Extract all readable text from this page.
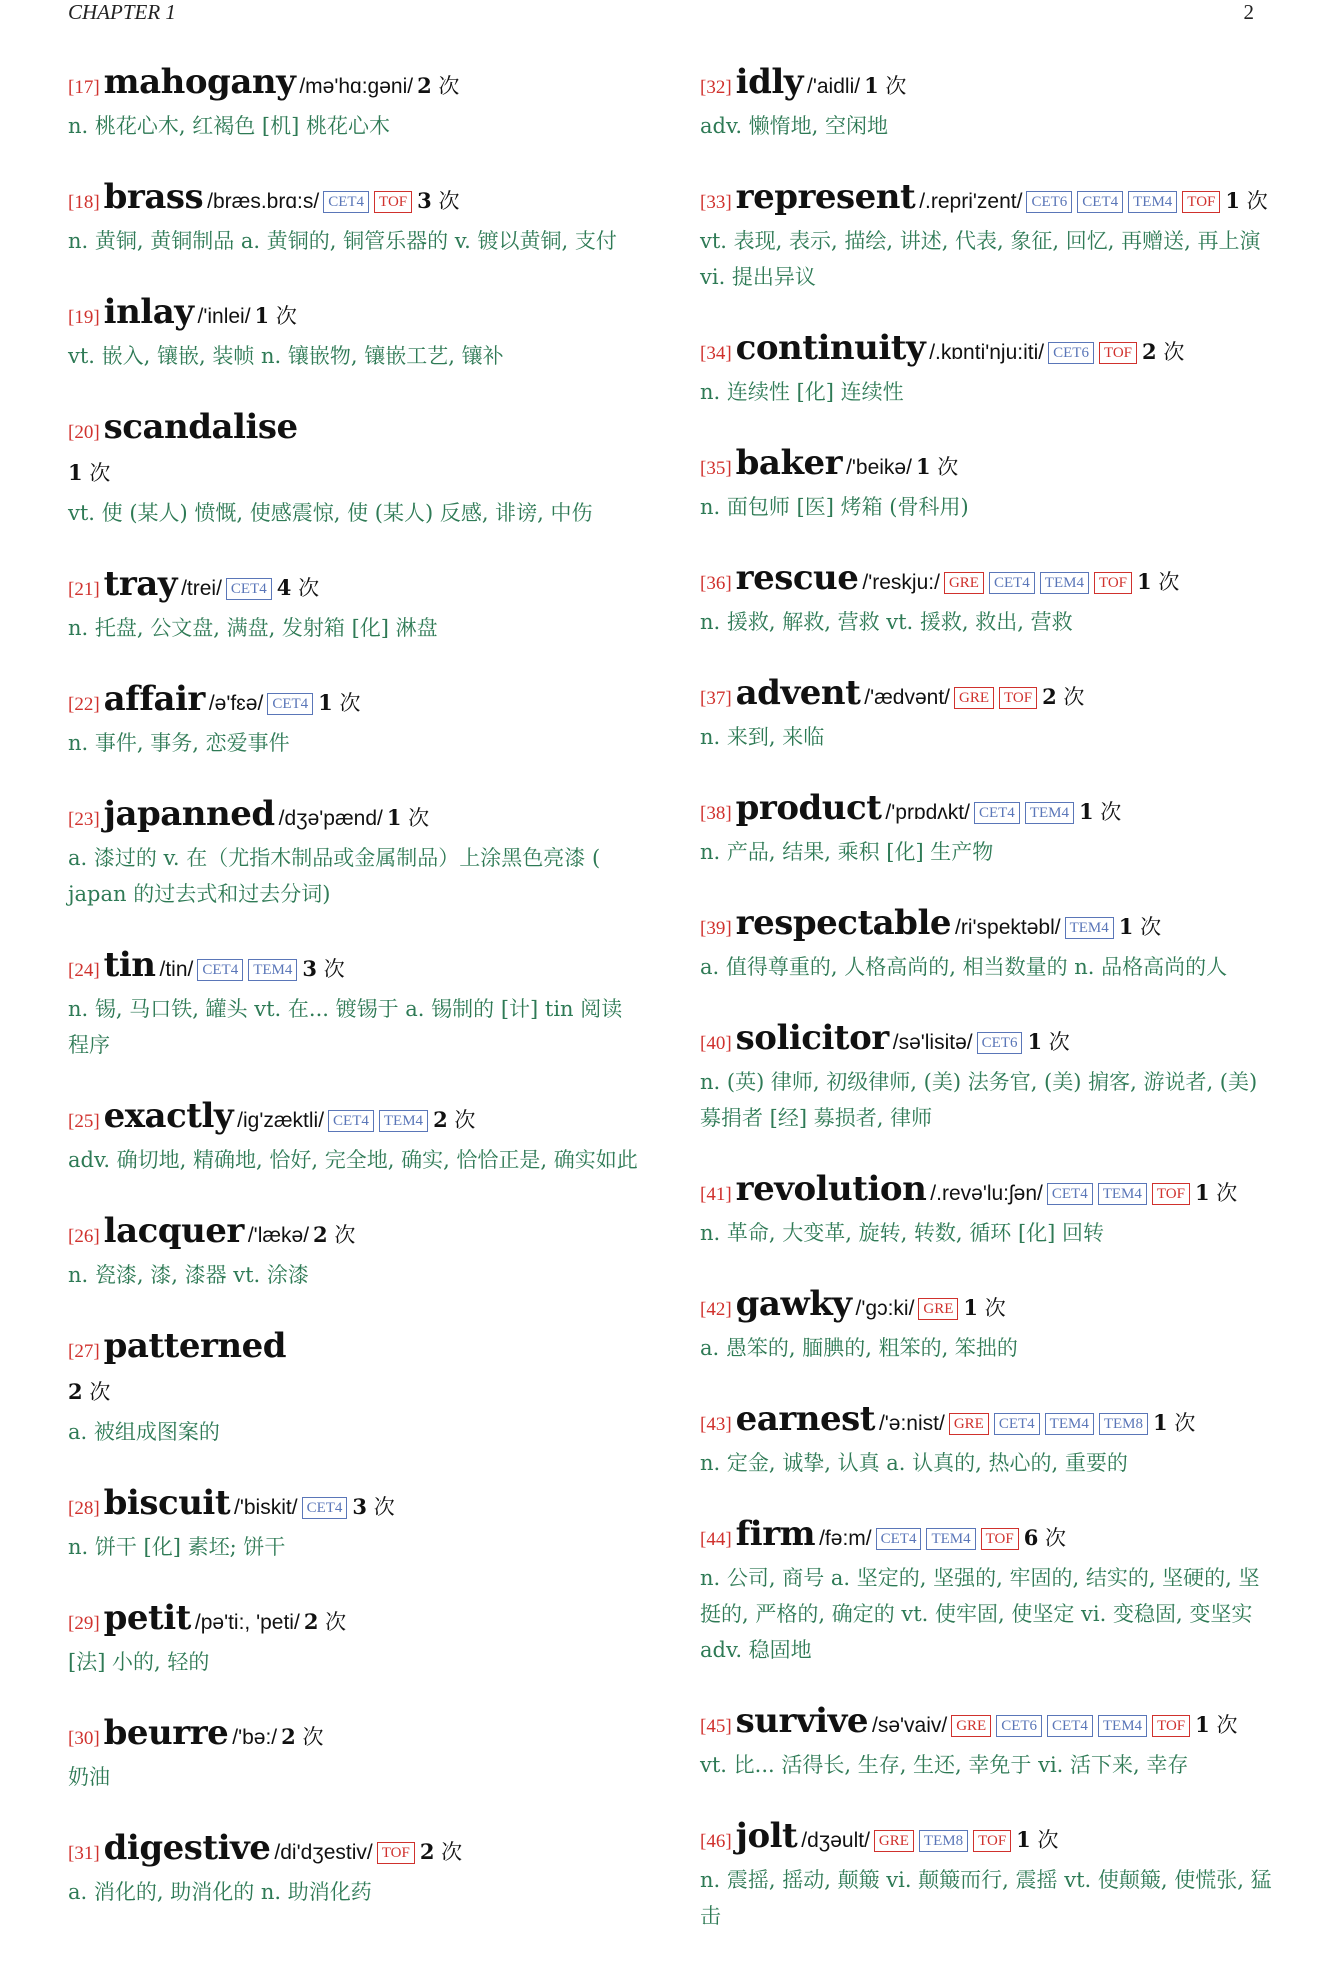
CHAPTER 1	2
[17] mahogany /mə'hɑ:gəni/ 2 次
n. 桃花心木, 红褐色 [机] 桃花心木
[18] brass /bræs.brɑ:s/ CET4 TOF 3 次
n. 黄铜, 黄铜制品 a. 黄铜的, 铜管乐器的 v. 镀以黄铜, 支付
[19] inlay /'inlei/ 1 次
vt. 嵌入, 镶嵌, 装帧 n. 镶嵌物, 镶嵌工艺, 镶补
[20] scandalise
1 次
vt. 使 (某人) 愤慨, 使感震惊, 使 (某人) 反感, 诽谤, 中伤
[21] tray /trei/ CET4 4 次
n. 托盘, 公文盘, 满盘, 发射箱 [化] 淋盘
[22] affair /ə'fɛə/ CET4 1 次
n. 事件, 事务, 恋爱事件
[23] japanned /dʒə'pænd/ 1 次
a. 漆过的 v. 在（尤指木制品或金属制品）上涂黑色亮漆 ( japan 的过去式和过去分词)
[24] tin /tin/ CET4 TEM4 3 次
n. 锡, 马口铁, 罐头 vt. 在... 镀锡于 a. 锡制的 [计] tin 阅读程序
[25] exactly /ig'zæktli/ CET4 TEM4 2 次
adv. 确切地, 精确地, 恰好, 完全地, 确实, 恰恰正是, 确实如此
[26] lacquer /'lækə/ 2 次
n. 瓷漆, 漆, 漆器 vt. 涂漆
[27] patterned
2 次
a. 被组成图案的
[28] biscuit /'biskit/ CET4 3 次
n. 饼干 [化] 素坯; 饼干
[29] petit /pə'ti:, 'peti/ 2 次
[法] 小的, 轻的
[30] beurre /'bə:/ 2 次
奶油
[31] digestive /di'dʒestiv/ TOF 2 次
a. 消化的, 助消化的 n. 助消化药
[32] idly /'aidli/ 1 次
adv. 懒惰地, 空闲地
[33] represent /.repri'zent/ CET6 CET4 TEM4 TOF 1 次
vt. 表现, 表示, 描绘, 讲述, 代表, 象征, 回忆, 再赠送, 再上演 vi. 提出异议
[34] continuity /.kɒnti'nju:iti/ CET6 TOF 2 次
n. 连续性 [化] 连续性
[35] baker /'beikə/ 1 次
n. 面包师 [医] 烤箱 (骨科用)
[36] rescue /'reskju:/ GRE CET4 TEM4 TOF 1 次
n. 援救, 解救, 营救 vt. 援救, 救出, 营救
[37] advent /'ædvənt/ GRE TOF 2 次
n. 来到, 来临
[38] product /'prɒdʌkt/ CET4 TEM4 1 次
n. 产品, 结果, 乘积 [化] 生产物
[39] respectable /ri'spektəbl/ TEM4 1 次
a. 值得尊重的, 人格高尚的, 相当数量的 n. 品格高尚的人
[40] solicitor /sə'lisitə/ CET6 1 次
n. (英) 律师, 初级律师, (美) 法务官, (美) 掮客, 游说者, (美) 募捐者 [经] 募损者, 律师
[41] revolution /.revə'lu:ʃən/ CET4 TEM4 TOF 1 次
n. 革命, 大变革, 旋转, 转数, 循环 [化] 回转
[42] gawky /'gɔ:ki/ GRE 1 次
a. 愚笨的, 腼腆的, 粗笨的, 笨拙的
[43] earnest /'ə:nist/ GRE CET4 TEM4 TEM8 1 次
n. 定金, 诚挚, 认真 a. 认真的, 热心的, 重要的
[44] firm /fə:m/ CET4 TEM4 TOF 6 次
n. 公司, 商号 a. 坚定的, 坚强的, 牢固的, 结实的, 坚硬的, 坚挺的, 严格的, 确定的 vt. 使牢固, 使坚定 vi. 变稳固, 变坚实 adv. 稳固地
[45] survive /sə'vaiv/ GRE CET6 CET4 TEM4 TOF 1 次
vt. 比... 活得长, 生存, 生还, 幸免于 vi. 活下来, 幸存
[46] jolt /dʒəult/ GRE TEM8 TOF 1 次
n. 震摇, 摇动, 颠簸 vi. 颠簸而行, 震摇 vt. 使颠簸, 使慌张, 猛击
